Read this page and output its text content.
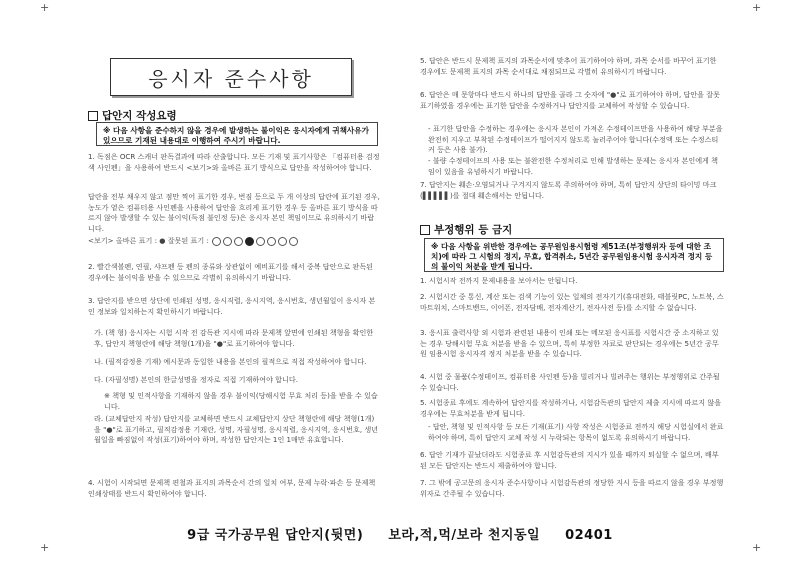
+	+
+	+
응시자 준수사항
답안지 작성요령
※ 다음 사항을 준수하지 않을 경우에 발생하는 불이익은 응시자에게 귀책사유가 있으므로 기재된 내용대로 이행하여 주시기 바랍니다.
1. 독점은 OCR 스캐너 판독결과에 따라 산출합니다. 모든 기재 및 표기사항은 「컴퓨터용 검정색 사인펜」을 사용하여 반드시 <보기>와 올바른 표기 방식으로 답안을 작성하여야 합니다.
답란을 전부 채우지 않고 점만 찍어 표기한 경우, 번짐 등으로 두 개 이상의 답란에 표기된 경우, 농도가 옅은 컴퓨터용 사인펜을 사용하여 답안을 흐리게 표기한 경우 등 올바른 표기 방식을 따르지 않아 발생할 수 있는 불이익(득점 불인정 등)은 응시자 본인 책임이므로 유의하시기 바랍니다.
<보기> 올바른 표기 : ● 잘못된 표기 :
2. 빨간색볼펜, 연필, 샤프펜 등 펜의 종류와 상관없이 예비표기를 해서 중복 답안으로 판독된 경우에는 불이익을 받을 수 있으므로 각별히 유의하시기 바랍니다.
3. 답안지를 받으면 상단에 인쇄된 성명, 응시직렬, 응시지역, 응시번호, 생년월일이 응시자 본인 정보와 일치하는지 확인하시기 바랍니다.
가. (책 형) 응시자는 시험 시작 전 감독관 지시에 따라 문제책 앞면에 인쇄된 책형을 확인한 후, 답안지 책형란에 해당 책형(1개)을 "●"로 표기하여야 합니다.
나. (필적감정용 기재) 예시문과 동일한 내용을 본인의 필적으로 직접 작성하여야 합니다.
다. (자필성명) 본인의 한글성명을 정자로 직접 기재하여야 합니다.
※ 책형 및 인적사항을 기재하지 않을 경우 불이익(당해시험 무효 처리 등)을 받을 수 있습니다.
라. (교체답안지 작성) 답안지를 교체하면 반드시 교체답안지 상단 책형란에 해당 책형(1개)을 "●"로 표기하고, 필적감정용 기재란, 성명, 자필성명, 응시직렬, 응시지역, 응시번호, 생년월일을 빠짐없이 작성(표기)하여야 하며, 작성한 답안지는 1인 1매만 유효합니다.
4. 시험이 시작되면 문제책 편철과 표지의 과목순서 간의 일치 여부, 문제 누락·파손 등 문제책 인쇄상태를 반드시 확인하여야 합니다.
5. 답안은 반드시 문제책 표지의 과목순서에 맞추어 표기하여야 하며, 과목 순서를 바꾸어 표기한 경우에도 문제책 표지의 과목 순서대로 채점되므로 각별히 유의하시기 바랍니다.
6. 답안은 매 문항마다 반드시 하나의 답만을 골라 그 숫자에 "●"로 표기하여야 하며, 답안을 잘못 표기하였을 경우에는 표기한 답안을 수정하거나 답안지를 교체하여 작성할 수 있습니다.
- 표기한 답안을 수정하는 경우에는 응시자 본인이 가져온 수정테이프만을 사용하여 해당 부분을 완전히 지우고 부착된 수정테이프가 떨어지지 않도록 눌러주어야 합니다(수정액 또는 수정스티커 등은 사용 불가).
- 불량 수정테이프의 사용 또는 불완전한 수정처리로 인해 발생하는 문제는 응시자 본인에게 책임이 있음을 유념하시기 바랍니다.
7. 답안지는 훼손·오염되거나 구겨지지 않도록 주의하여야 하며, 특히 답안지 상단의 타이밍 마크(▌▌▌▌▌)를 절대 훼손해서는 안됩니다.
부정행위 등 금지
※ 다음 사항을 위반한 경우에는 공무원임용시험령 제51조(부정행위자 등에 대한 조치)에 따라 그 시험의 정지, 무효, 합격취소, 5년간 공무원임용시험 응시자격 정지 등의 불이익 처분을 받게 됩니다.
1. 시험시작 전까지 문제내용을 보아서는 안됩니다.
2. 시험시간 중 통신, 계산 또는 검색 기능이 있는 일체의 전자기기(휴대전화, 태블릿PC, 노트북, 스마트워치, 스마트밴드, 이어폰, 전자담배, 전자계산기, 전자사전 등)를 소지할 수 없습니다.
3. 응시표 출력사항 외 시험과 관련된 내용이 인쇄 또는 메모된 응시표를 시험시간 중 소지하고 있는 경우 당해시험 무효 처분을 받을 수 있으며, 특히 부정한 자료로 판단되는 경우에는 5년간 공무원 임용시험 응시자격 정지 처분을 받을 수 있습니다.
4. 시험 중 물품(수정테이프, 컴퓨터용 사인펜 등)을 빌리거나 빌려주는 행위는 부정행위로 간주될 수 있습니다.
5. 시험종료 후에도 계속하여 답안지를 작성하거나, 시험감독관의 답안지 제출 지시에 따르지 않을 경우에는 무효처분을 받게 됩니다.
- 답안, 책형 및 인적사항 등 모든 기재(표기) 사항 작성은 시험종료 전까지 해당 시험실에서 완료하여야 하며, 특히 답안지 교체 작성 시 누락되는 항목이 없도록 유의하시기 바랍니다.
6. 답안 기재가 끝났더라도 시험종료 후 시험감독관의 지시가 있을 때까지 퇴실할 수 없으며, 배부된 모든 답안지는 반드시 제출하여야 합니다.
7. 그 밖에 공고문의 응시자 준수사항이나 시험감독관의 정당한 지시 등을 따르지 않을 경우 부정행위자로 간주될 수 있습니다.
9급 국가공무원 답안지(뒷면) 보라,적,먹/보라 천지동일 02401
